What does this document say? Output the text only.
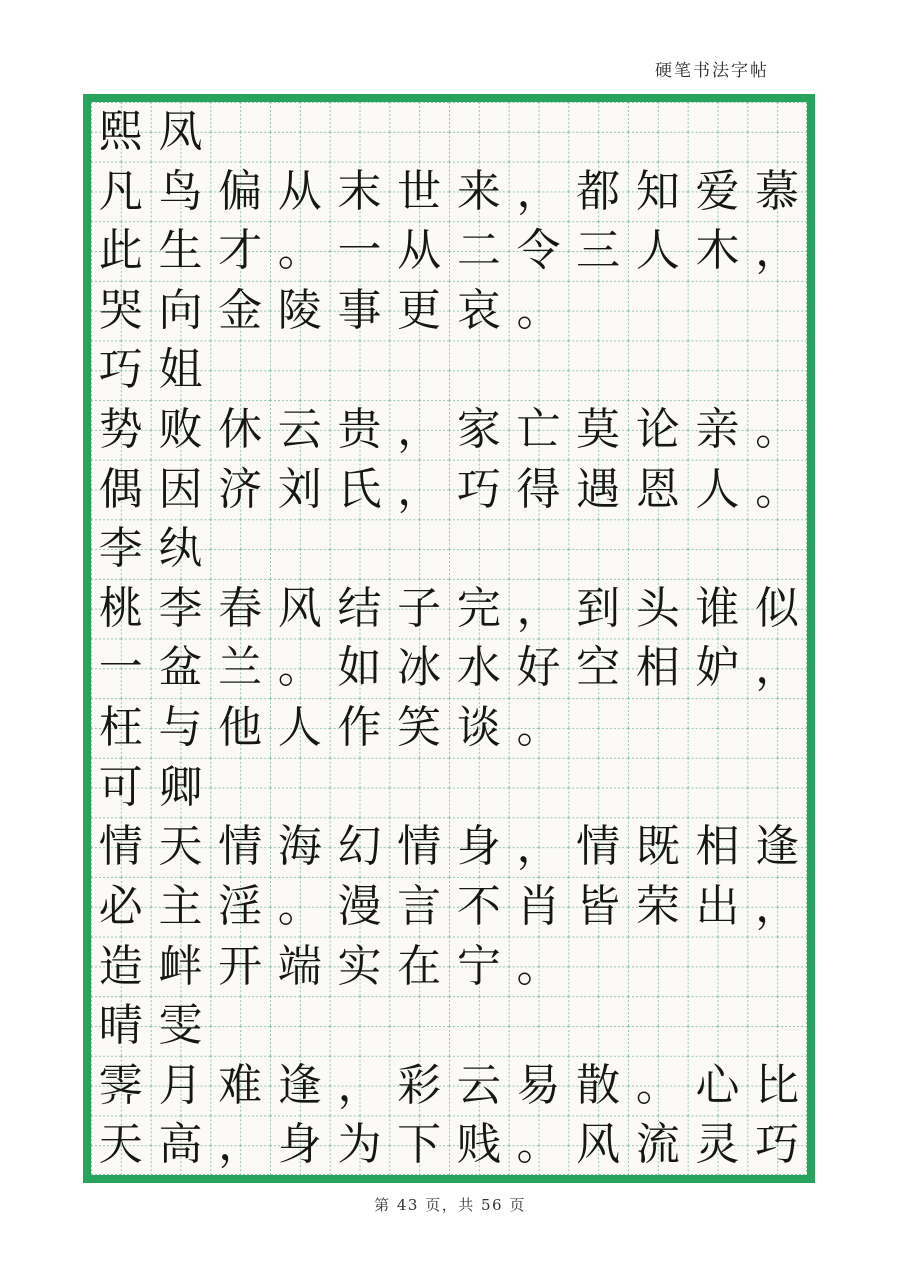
硬笔书法字帖
熙凤
凡鸟偏从末世来，都知爱慕
此生才。一从二令三人木，
哭向金陵事更哀。
巧姐
势败休云贵，家亡莫论亲。
偶因济刘氏，巧得遇恩人。
李纨
桃李春风结子完，到头谁似
一盆兰。如冰水好空相妒，
枉与他人作笑谈。
可卿
情天情海幻情身，情既相逢
必主淫。漫言不肖皆荣出，
造衅开端实在宁。
晴雯
霁月难逢，彩云易散。心比
天高，身为下贱。风流灵巧
第 43 页，共 56 页
